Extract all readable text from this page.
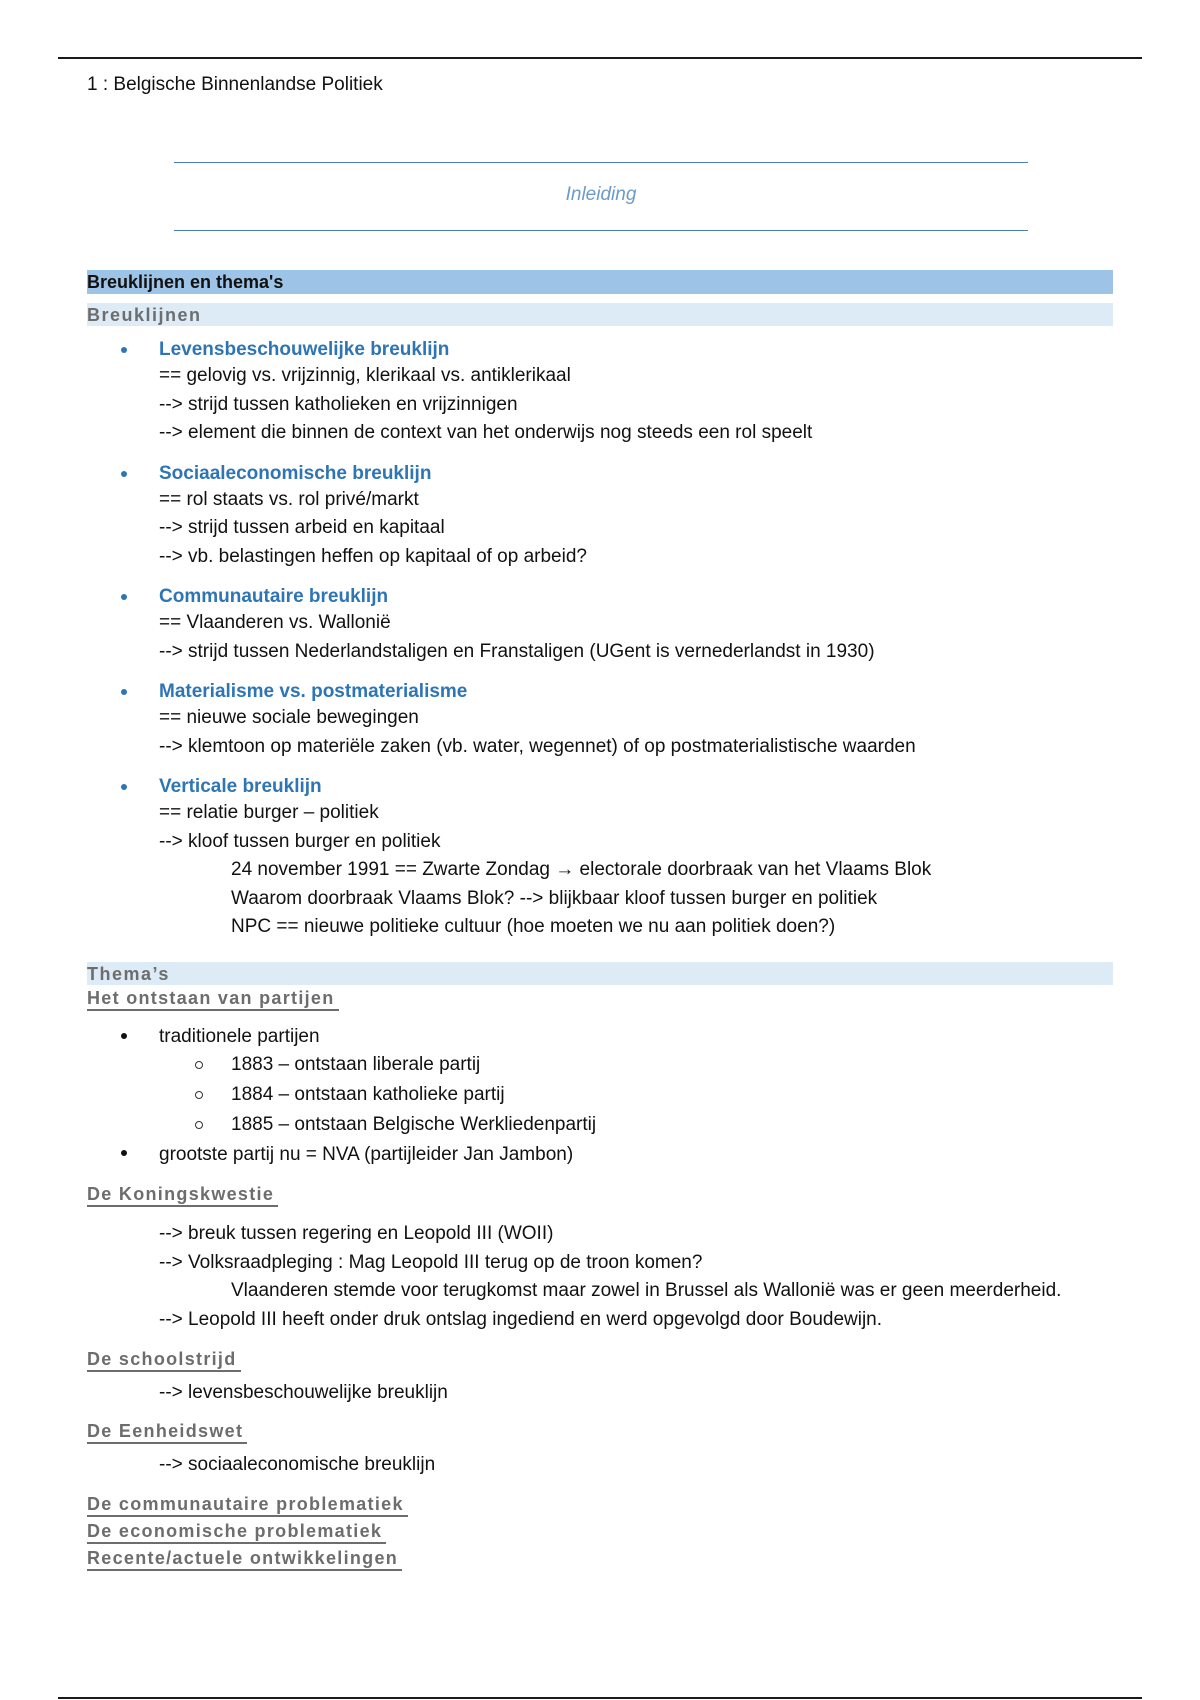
1 : Belgische Binnenlandse Politiek
Inleiding
Breuklijnen en thema's
Breuklijnen
Levensbeschouwelijke breuklijn
== gelovig vs. vrijzinnig, klerikaal vs. antiklerikaal
--> strijd tussen katholieken en vrijzinnigen
--> element die binnen de context van het onderwijs nog steeds een rol speelt
Sociaaleconomische breuklijn
== rol staats vs. rol privé/markt
--> strijd tussen arbeid en kapitaal
--> vb. belastingen heffen op kapitaal of op arbeid?
Communautaire breuklijn
== Vlaanderen vs. Wallonië
--> strijd tussen Nederlandstaligen en Franstaligen (UGent is vernederlandst in 1930)
Materialisme vs. postmaterialisme
== nieuwe sociale bewegingen
--> klemtoon op materiële zaken (vb. water, wegennet) of op postmaterialistische waarden
Verticale breuklijn
== relatie burger – politiek
--> kloof tussen burger en politiek
24 november 1991 == Zwarte Zondag → electorale doorbraak van het Vlaams Blok
Waarom doorbraak Vlaams Blok? --> blijkbaar kloof tussen burger en politiek
NPC == nieuwe politieke cultuur (hoe moeten we nu aan politiek doen?)
Thema’s
Het ontstaan van partijen
traditionele partijen
1883 – ontstaan liberale partij
1884 – ontstaan katholieke partij
1885 – ontstaan Belgische Werkliedenpartij
grootste partij nu = NVA (partijleider Jan Jambon)
De Koningskwestie
--> breuk tussen regering en Leopold III (WOII)
--> Volksraadpleging : Mag Leopold III terug op de troon komen?
Vlaanderen stemde voor terugkomst maar zowel in Brussel als Wallonië was er geen meerderheid.
--> Leopold III heeft onder druk ontslag ingediend en werd opgevolgd door Boudewijn.
De schoolstrijd
--> levensbeschouwelijke breuklijn
De Eenheidswet
--> sociaaleconomische breuklijn
De communautaire problematiek
De economische problematiek
Recente/actuele ontwikkelingen
